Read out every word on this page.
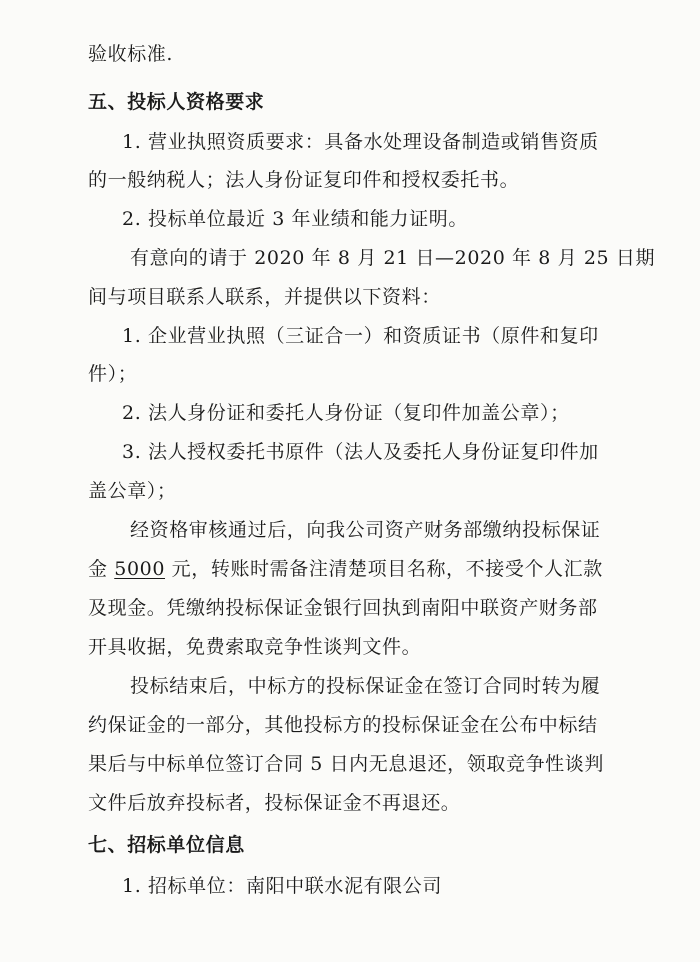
验收标准.
五、投标人资格要求
1. 营业执照资质要求：具备水处理设备制造或销售资质
的一般纳税人；法人身份证复印件和授权委托书。
2. 投标单位最近 3 年业绩和能力证明。
有意向的请于 2020 年 8 月 21 日—2020 年 8 月 25 日期
间与项目联系人联系，并提供以下资料：
1. 企业营业执照（三证合一）和资质证书（原件和复印
件）；
2. 法人身份证和委托人身份证（复印件加盖公章）；
3. 法人授权委托书原件（法人及委托人身份证复印件加
盖公章）；
经资格审核通过后，向我公司资产财务部缴纳投标保证
金 5000 元，转账时需备注清楚项目名称，不接受个人汇款
及现金。凭缴纳投标保证金银行回执到南阳中联资产财务部
开具收据，免费索取竞争性谈判文件。
投标结束后，中标方的投标保证金在签订合同时转为履
约保证金的一部分，其他投标方的投标保证金在公布中标结
果后与中标单位签订合同 5 日内无息退还，领取竞争性谈判
文件后放弃投标者，投标保证金不再退还。
七、招标单位信息
1. 招标单位：南阳中联水泥有限公司
